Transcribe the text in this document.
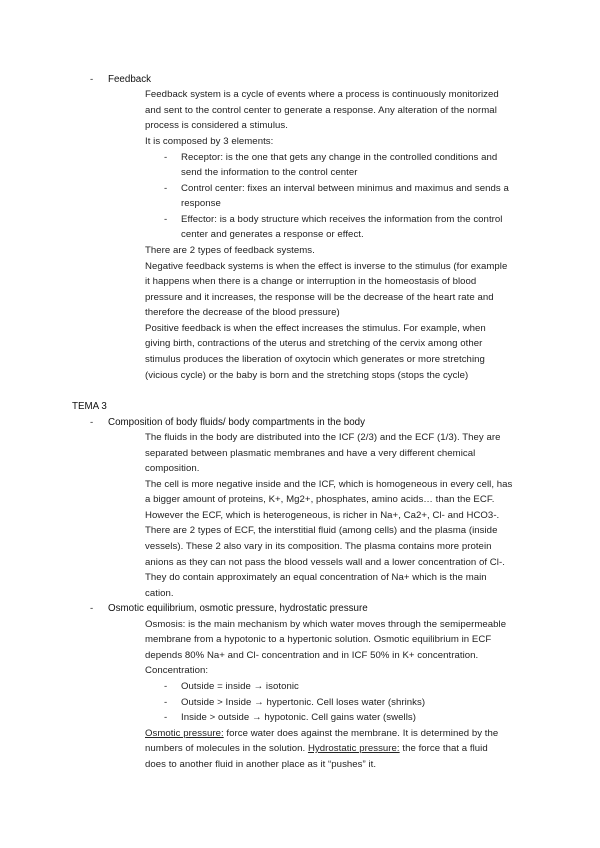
- Feedback
Feedback system is a cycle of events where a process is continuously monitorized
and sent to the control center to generate a response. Any alteration of the normal
process is considered a stimulus.
It is composed by 3 elements:
- Receptor: is the one that gets any change in the controlled conditions and
send the information to the control center
- Control center: fixes an interval between minimus and maximus and sends a
response
- Effector: is a body structure which receives the information from the control
center and generates a response or effect.
There are 2 types of feedback systems.
Negative feedback systems is when the effect is inverse to the stimulus (for example
it happens when there is a change or interruption in the homeostasis of blood
pressure and it increases, the response will be the decrease of the heart rate and
therefore the decrease of the blood pressure)
Positive feedback is when the effect increases the stimulus. For example, when
giving birth, contractions of the uterus and stretching of the cervix among other
stimulus produces the liberation of oxytocin which generates or more stretching
(vicious cycle) or the baby is born and the stretching stops (stops the cycle)
TEMA 3
- Composition of body fluids/ body compartments in the body
The fluids in the body are distributed into the ICF (2/3) and the ECF (1/3). They are
separated between plasmatic membranes and have a very different chemical
composition.
The cell is more negative inside and the ICF, which is homogeneous in every cell, has
a bigger amount of proteins, K+, Mg2+, phosphates, amino acids… than the ECF.
However the ECF, which is heterogeneous, is richer in Na+, Ca2+, Cl- and HCO3-.
There are 2 types of ECF, the interstitial fluid (among cells) and the plasma (inside
vessels). These 2 also vary in its composition. The plasma contains more protein
anions as they can not pass the blood vessels wall and a lower concentration of Cl-.
They do contain approximately an equal concentration of Na+ which is the main
cation.
- Osmotic equilibrium, osmotic pressure, hydrostatic pressure
Osmosis: is the main mechanism by which water moves through the semipermeable
membrane from a hypotonic to a hypertonic solution. Osmotic equilibrium in ECF
depends 80% Na+ and Cl- concentration and in ICF 50% in K+ concentration.
Concentration:
- Outside = inside → isotonic
- Outside > Inside → hypertonic. Cell loses water (shrinks)
- Inside > outside → hypotonic. Cell gains water (swells)
Osmotic pressure: force water does against the membrane. It is determined by the
numbers of molecules in the solution. Hydrostatic pressure: the force that a fluid
does to another fluid in another place as it “pushes” it.
